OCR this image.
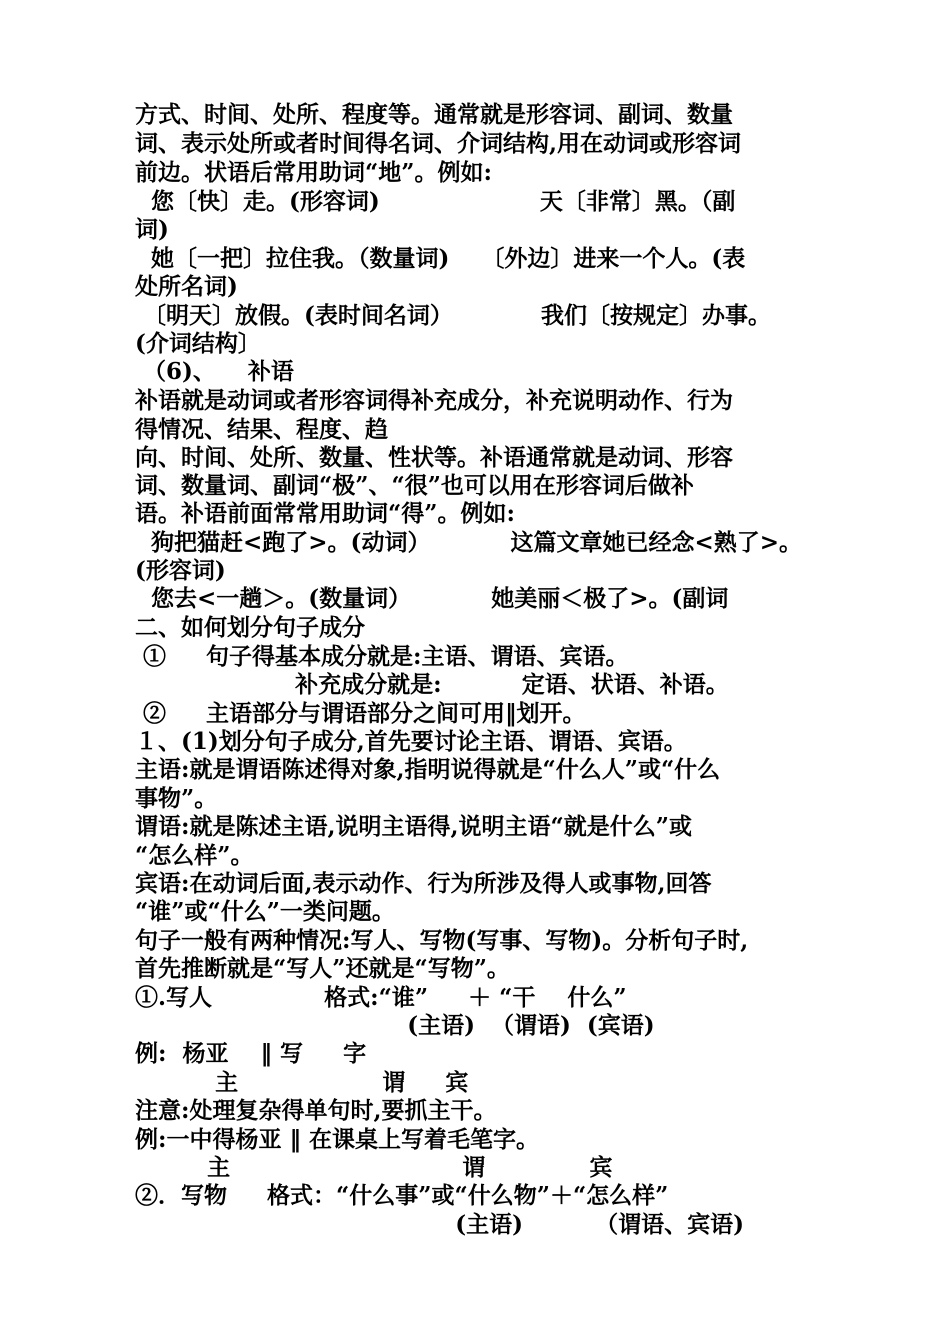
方式、时间、处所、程度等。通常就是形容词、副词、数量
词、表示处所或者时间得名词、介词结构,用在动词或形容词
前边。状语后常用助词“地”。例如:
您〔快〕走。(形容词)                    天〔非常〕黑。（副
词)
她〔一把〕拉住我。（数量词)    〔外边〕进来一个人。(表
处所名词)
〔明天〕放假。(表时间名词）           我们〔按规定〕办事。
(介词结构〕
（6)、    补语
补语就是动词或者形容词得补充成分，补充说明动作、行为
得情况、结果、程度、趋
向、时间、处所、数量、性状等。补语通常就是动词、形容
词、数量词、副词“极”、“很”也可以用在形容词后做补
语。补语前面常常用助词“得”。例如:
狗把猫赶<跑了>。(动词）          这篇文章她已经念<熟了>。
(形容词)
您去<一趟＞。(数量词）          她美丽＜极了>。(副词
二、如何划分句子成分
①     句子得基本成分就是:主语、谓语、宾语。
补充成分就是:          定语、状语、补语。
②     主语部分与谓语部分之间可用‖划开。
１、(1)划分句子成分,首先要讨论主语、谓语、宾语。
主语:就是谓语陈述得对象,指明说得就是“什么人”或“什么
事物”。
谓语:就是陈述主语,说明主语得,说明主语“就是什么”或
“怎么样”。
宾语:在动词后面,表示动作、行为所涉及得人或事物,回答
“谁”或“什么”一类问题。
句子一般有两种情况:写人、写物(写事、写物)。分析句子时,
首先推断就是“写人”还就是“写物”。
①.写人              格式:“谁”     ＋ “干    什么”
(主语)  （谓语)  (宾语)
例:  杨亚    ‖ 写     字
主                  谓     宾
注意:处理复杂得单句时,要抓主干。
例:一中得杨亚 ‖ 在课桌上写着毛笔字。
主                             谓             宾
②．写物     格式：“什么事”或“什么物”＋“怎么样”
(主语)         （谓语、宾语)
